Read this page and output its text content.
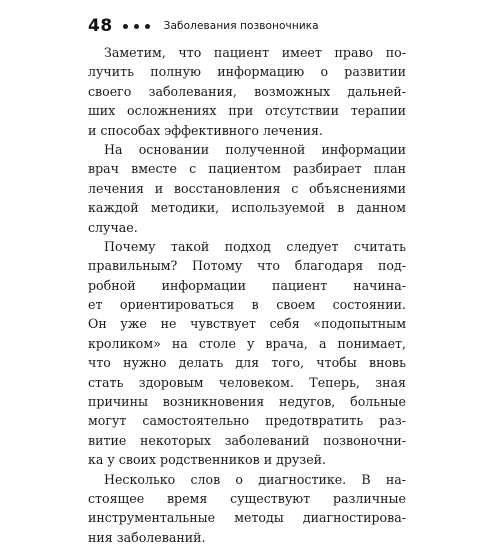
48	Заболевания позвоночника
Заметим, что пациент имеет право по-
лучить полную информацию о развитии
своего заболевания, возможных дальней-
ших осложнениях при отсутствии терапии
и способах эффективного лечения.
На основании полученной информации
врач вместе с пациентом разбирает план
лечения и восстановления с объяснениями
каждой методики, используемой в данном
случае.
Почему такой подход следует считать
правильным? Потому что благодаря под-
робной информации пациент начина-
ет ориентироваться в своем состоянии.
Он уже не чувствует себя «подопытным
кроликом» на столе у врача, а понимает,
что нужно делать для того, чтобы вновь
стать здоровым человеком. Теперь, зная
причины возникновения недугов, больные
могут самостоятельно предотвратить раз-
витие некоторых заболеваний позвоночни-
ка у своих родственников и друзей.
Несколько слов о диагностике. В на-
стоящее время существуют различные
инструментальные методы диагностирова-
ния заболеваний.
